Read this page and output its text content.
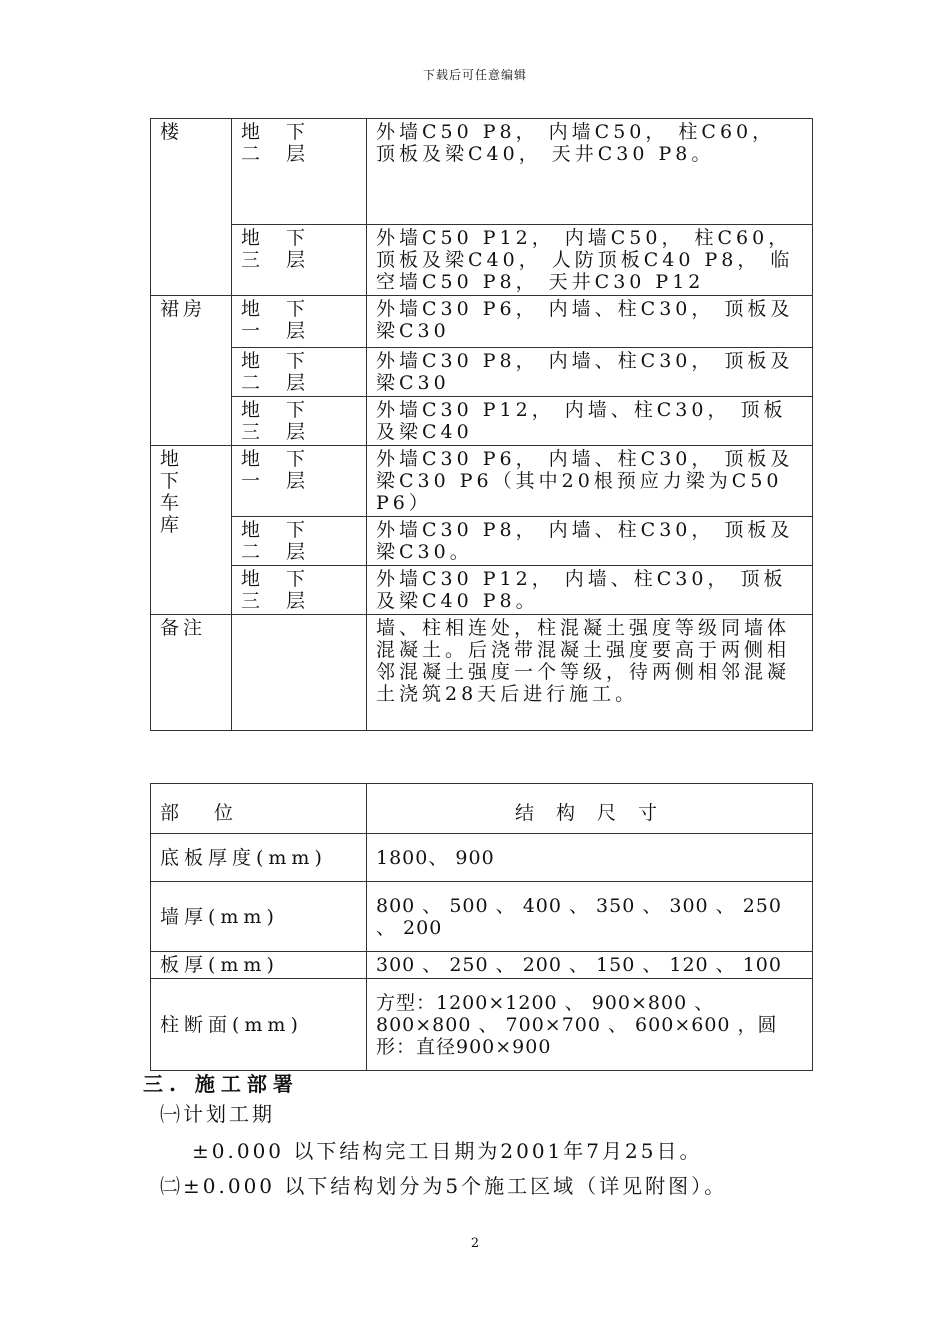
下载后可任意编辑
楼	地 下 二 层	外墙C50 P8， 内墙C50， 柱C60， 顶板及梁C40， 天井C30 P8。
	地 下 三 层	外墙C50 P12， 内墙C50， 柱C60， 顶板及梁C40， 人防顶板C40 P8， 临空墙C50 P8， 天井C30 P12
裙房	地 下 一 层	外墙C30 P6， 内墙、柱C30， 顶板及梁C30
	地 下 二 层	外墙C30 P8， 内墙、柱C30， 顶板及梁C30
	地 下 三 层	外墙C30 P12， 内墙、柱C30， 顶板及梁C40
地下车库	地 下 一 层	外墙C30 P6， 内墙、柱C30， 顶板及梁C30 P6（其中20根预应力梁为C50 P6）
	地 下 二 层	外墙C30 P8， 内墙、柱C30， 顶板及梁C30。
	地 下 三 层	外墙C30 P12， 内墙、柱C30， 顶板及梁C40 P8。
备注		墙、柱相连处，柱混凝土强度等级同墙体混凝土。后浇带混凝土强度要高于两侧相邻混凝土强度一个等级，待两侧相邻混凝土浇筑28天后进行施工。
部　位	结 构 尺 寸
底板厚度(mm)	1800、 900
墙厚(mm)	800 、 500 、 400 、 350 、 300 、 250 、 200
板厚(mm)	300 、 250 、 200 、 150 、 120 、 100
柱断面(mm)	方型：1200×1200 、 900×800 、 800×800 、 700×700 、 600×600 ，圆形：直径900×900
三. 施工部署
㈠计划工期
±0.000 以下结构完工日期为2001年7月25日。
㈡±0.000 以下结构划分为5个施工区域（详见附图）。
2
